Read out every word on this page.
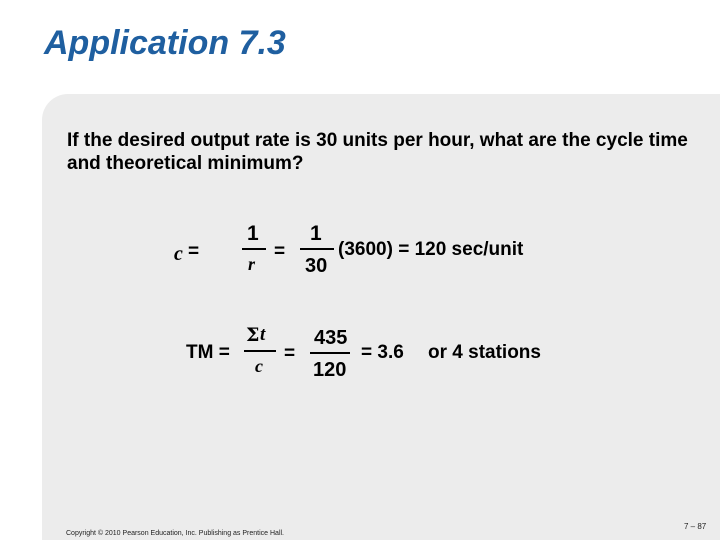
Application 7.3
If the desired output rate is 30 units per hour, what are the cycle time and theoretical minimum?
c =
1
r
=
1
30
(3600) = 120 sec/unit
TM =
Σ t
c
=
435
120
= 3.6 or 4 stations
Copyright © 2010 Pearson Education, Inc. Publishing as Prentice Hall.
7 – 87
